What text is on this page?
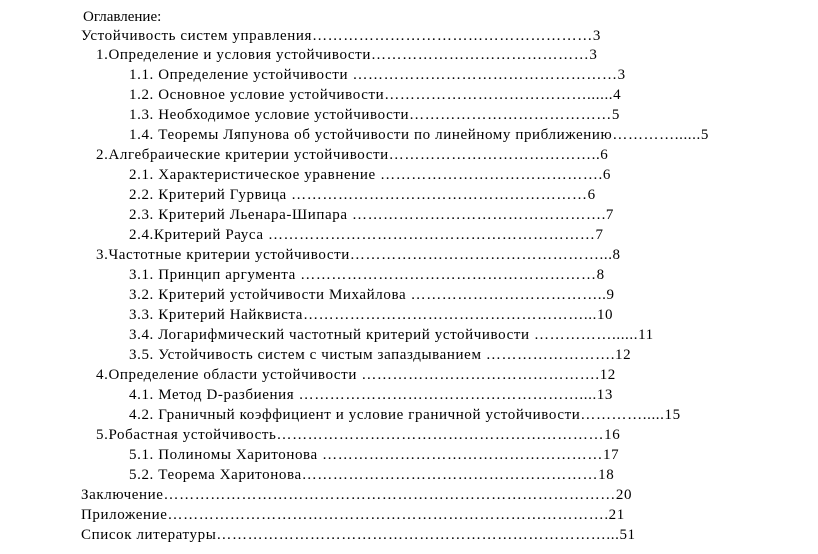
Оглавление:
Устойчивость систем управления………………………………………………3
1.Определение и условия устойчивости……………………………………3
1.1. Определение устойчивости ……………………………………………3
1.2. Основное условие устойчивости…………………………………......4
1.3. Необходимое условие устойчивости…………………………………5
1.4. Теоремы Ляпунова об устойчивости по линейному приближению…………......5
2.Алгебраические критерии устойчивости…………………………………..6
2.1. Характеристическое уравнение …………………………………….6
2.2. Критерий Гурвица …………………………………………………6
2.3. Критерий Льенара-Шипара ………………………………………….7
2.4.Критерий Рауса ………………………………………………………7
3.Частотные критерии устойчивости…………………………………………...8
3.1. Принцип аргумента …………………………………………………8
3.2. Критерий устойчивости Михайлова ………………………………..9
3.3. Критерий Найквиста………………………………………………...10
3.4. Логарифмический частотный критерий устойчивости ……………......11
3.5. Устойчивость систем с чистым запаздыванием …………………….12
4.Определение области устойчивости ……………………………………….12
4.1. Метод D-разбиения ………………………………………………....13
4.2. Граничный коэффициент и условие граничной устойчивости………….....15
5.Робастная устойчивость………………………………………………………16
5.1. Полиномы Харитонова ………………………………………………17
5.2. Теорема Харитонова…………………………………………………18
Заключение……………………………………………………………………………20
Приложение………………………………………………………………………….21
Список литературы…………………………………………………………………...51
